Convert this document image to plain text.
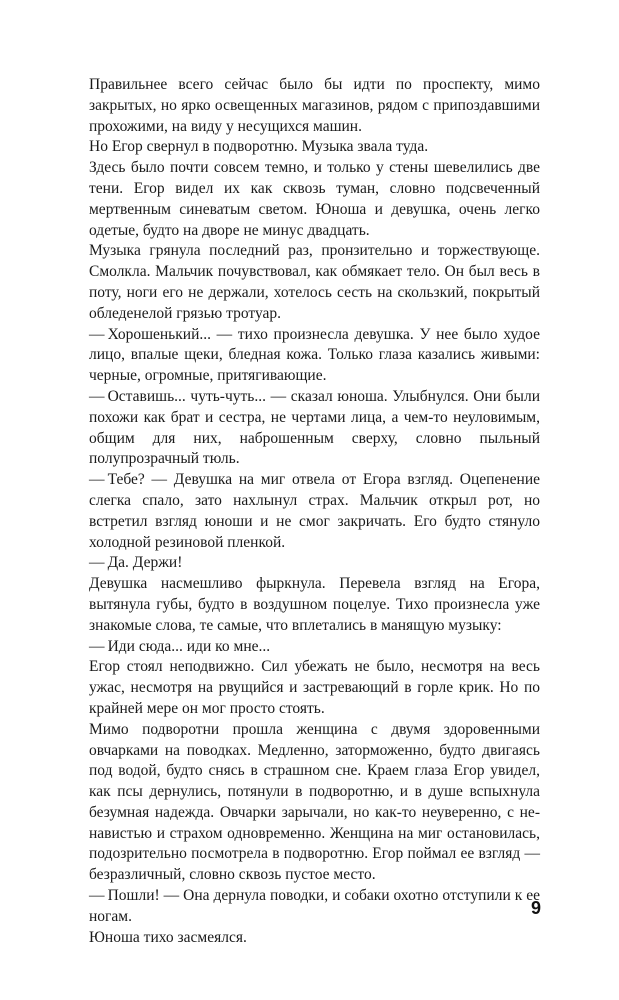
Правильнее всего сейчас было бы идти по проспекту, мимо закрытых, но ярко освещенных магазинов, рядом с припоздавшими прохожими, на виду у несущихся машин.

Но Егор свернул в подворотню. Музыка звала туда.

Здесь было почти совсем темно, и только у стены шевелились две тени. Егор видел их как сквозь туман, словно подсвеченный мертвенным синеватым светом. Юноша и девушка, очень легко одетые, будто на дворе не минус двадцать.

Музыка грянула последний раз, пронзительно и торжествующе. Смолкла. Мальчик почувствовал, как обмякает тело. Он был весь в поту, ноги его не держали, хотелось сесть на скользкий, покрытый обледенелой грязью тротуар.

— Хорошенький... — тихо произнесла девушка. У нее было худое лицо, впалые щеки, бледная кожа. Только глаза казались живыми: черные, огромные, притягивающие.

— Оставишь... чуть-чуть... — сказал юноша. Улыбнулся. Они были похожи как брат и сестра, не чертами лица, а чем-то неуловимым, общим для них, наброшенным сверху, словно пыльный полупрозрачный тюль.

— Тебе? — Девушка на миг отвела от Егора взгляд. Оцепенение слегка спало, зато нахлынул страх. Мальчик открыл рот, но встретил взгляд юноши и не смог закричать. Его будто стянуло холодной резиновой пленкой.

— Да. Держи!

Девушка насмешливо фыркнула. Перевела взгляд на Егора, вытянула губы, будто в воздушном поцелуе. Тихо произнесла уже знакомые слова, те самые, что вплетались в манящую музыку:

— Иди сюда... иди ко мне...

Егор стоял неподвижно. Сил убежать не было, несмотря на весь ужас, несмотря на рвущийся и застревающий в горле крик. Но по крайней мере он мог просто стоять.

Мимо подворотни прошла женщина с двумя здоровенными овчарками на поводках. Медленно, заторможенно, будто двигаясь под водой, будто снясь в страшном сне. Краем глаза Егор увидел, как псы дернулись, потянули в подворотню, и в душе вспыхнула безумная надежда. Овчарки зарычали, но как-то неуверенно, с ненавистью и страхом одновременно. Женщина на миг остановилась, подозрительно посмотрела в подворотню. Егор поймал ее взгляд — безразличный, словно сквозь пустое место.

— Пошли! — Она дернула поводки, и собаки охотно отступили к ее ногам.

Юноша тихо засмеялся.

9
